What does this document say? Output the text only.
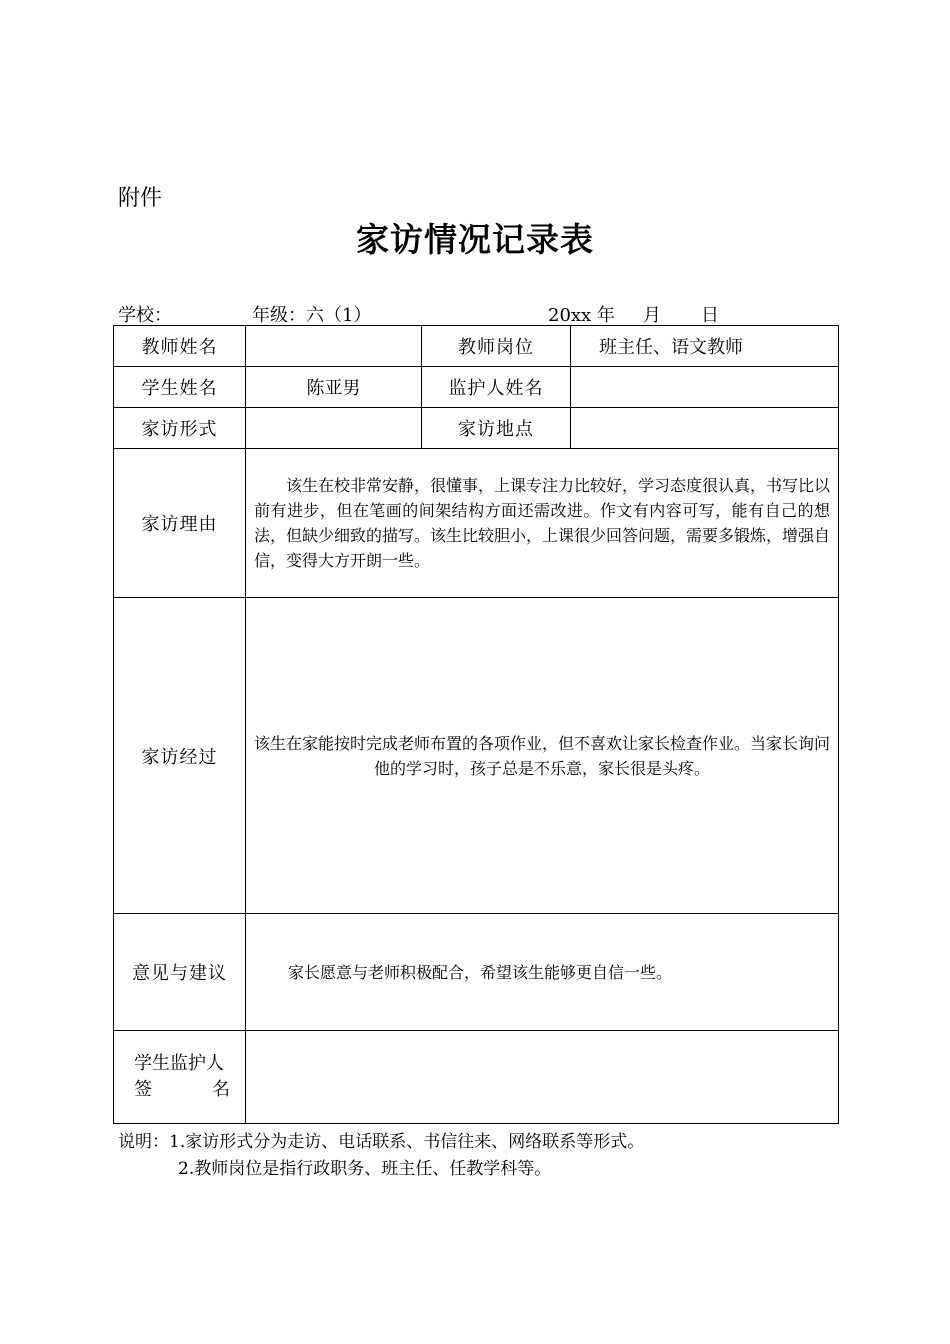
附件
家访情况记录表
学校：	年级：六（1）	20xx 年 月 日
教师姓名		教师岗位	班主任、语文教师
学生姓名	陈亚男	监护人姓名	
家访形式		家访地点	
家访理由	该生在校非常安静，很懂事，上课专注力比较好，学习态度很认真，书写比以前有进步，但在笔画的间架结构方面还需改进。作文有内容可写，能有自己的想法，但缺少细致的描写。该生比较胆小，上课很少回答问题，需要多锻炼，增强自信，变得大方开朗一些。		

家访经过	该生在家能按时完成老师布置的各项作业，但不喜欢让家长检查作业。当家长询问他的学习时，孩子总是不乐意，家长很是头疼。		

意见与建议	家长愿意与老师积极配合，希望该生能够更自信一些。		

学生监护人
签 名			

说明：1.家访形式分为走访、电话联系、书信往来、网络联系等形式。
2.教师岗位是指行政职务、班主任、任教学科等。
